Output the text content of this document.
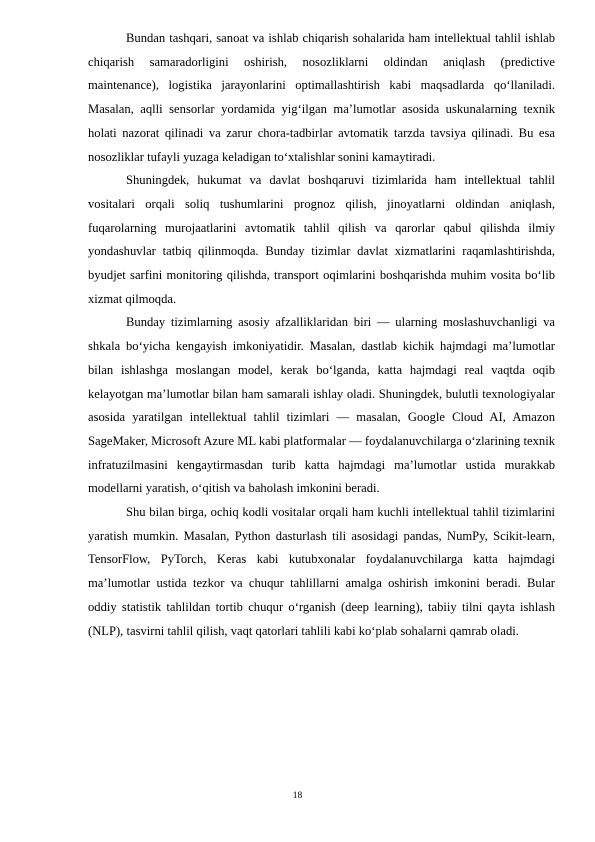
Bundan tashqari, sanoat va ishlab chiqarish sohalarida ham intellektual tahlil ishlab chiqarish samaradorligini oshirish, nosozliklarni oldindan aniqlash (predictive maintenance), logistika jarayonlarini optimallashtirish kabi maqsadlarda qo‘llaniladi. Masalan, aqlli sensorlar yordamida yig‘ilgan ma’lumotlar asosida uskunalarning texnik holati nazorat qilinadi va zarur chora-tadbirlar avtomatik tarzda tavsiya qilinadi. Bu esa nosozliklar tufayli yuzaga keladigan to‘xtalishlar sonini kamaytiradi.

Shuningdek, hukumat va davlat boshqaruvi tizimlarida ham intellektual tahlil vositalari orqali soliq tushumlarini prognoz qilish, jinoyatlarni oldindan aniqlash, fuqarolarning murojaatlarini avtomatik tahlil qilish va qarorlar qabul qilishda ilmiy yondashuvlar tatbiq qilinmoqda. Bunday tizimlar davlat xizmatlarini raqamlashtirishda, byudjet sarfini monitoring qilishda, transport oqimlarini boshqarishda muhim vosita bo‘lib xizmat qilmoqda.

Bunday tizimlarning asosiy afzalliklaridan biri — ularning moslashuvchanligi va shkala bo‘yicha kengayish imkoniyatidir. Masalan, dastlab kichik hajmdagi ma’lumotlar bilan ishlashga moslangan model, kerak bo‘lganda, katta hajmdagi real vaqtda oqib kelayotgan ma’lumotlar bilan ham samarali ishlay oladi. Shuningdek, bulutli texnologiyalar asosida yaratilgan intellektual tahlil tizimlari — masalan, Google Cloud AI, Amazon SageMaker, Microsoft Azure ML kabi platformalar — foydalanuvchilarga o‘zlarining texnik infratuzilmasini kengaytirmasdan turib katta hajmdagi ma’lumotlar ustida murakkab modellarni yaratish, o‘qitish va baholash imkonini beradi.

Shu bilan birga, ochiq kodli vositalar orqali ham kuchli intellektual tahlil tizimlarini yaratish mumkin. Masalan, Python dasturlash tili asosidagi pandas, NumPy, Scikit-learn, TensorFlow, PyTorch, Keras kabi kutubxonalar foydalanuvchilarga katta hajmdagi ma’lumotlar ustida tezkor va chuqur tahlillarni amalga oshirish imkonini beradi. Bular oddiy statistik tahlildan tortib chuqur o‘rganish (deep learning), tabiiy tilni qayta ishlash (NLP), tasvirni tahlil qilish, vaqt qatorlari tahlili kabi ko‘plab sohalarni qamrab oladi.

18
